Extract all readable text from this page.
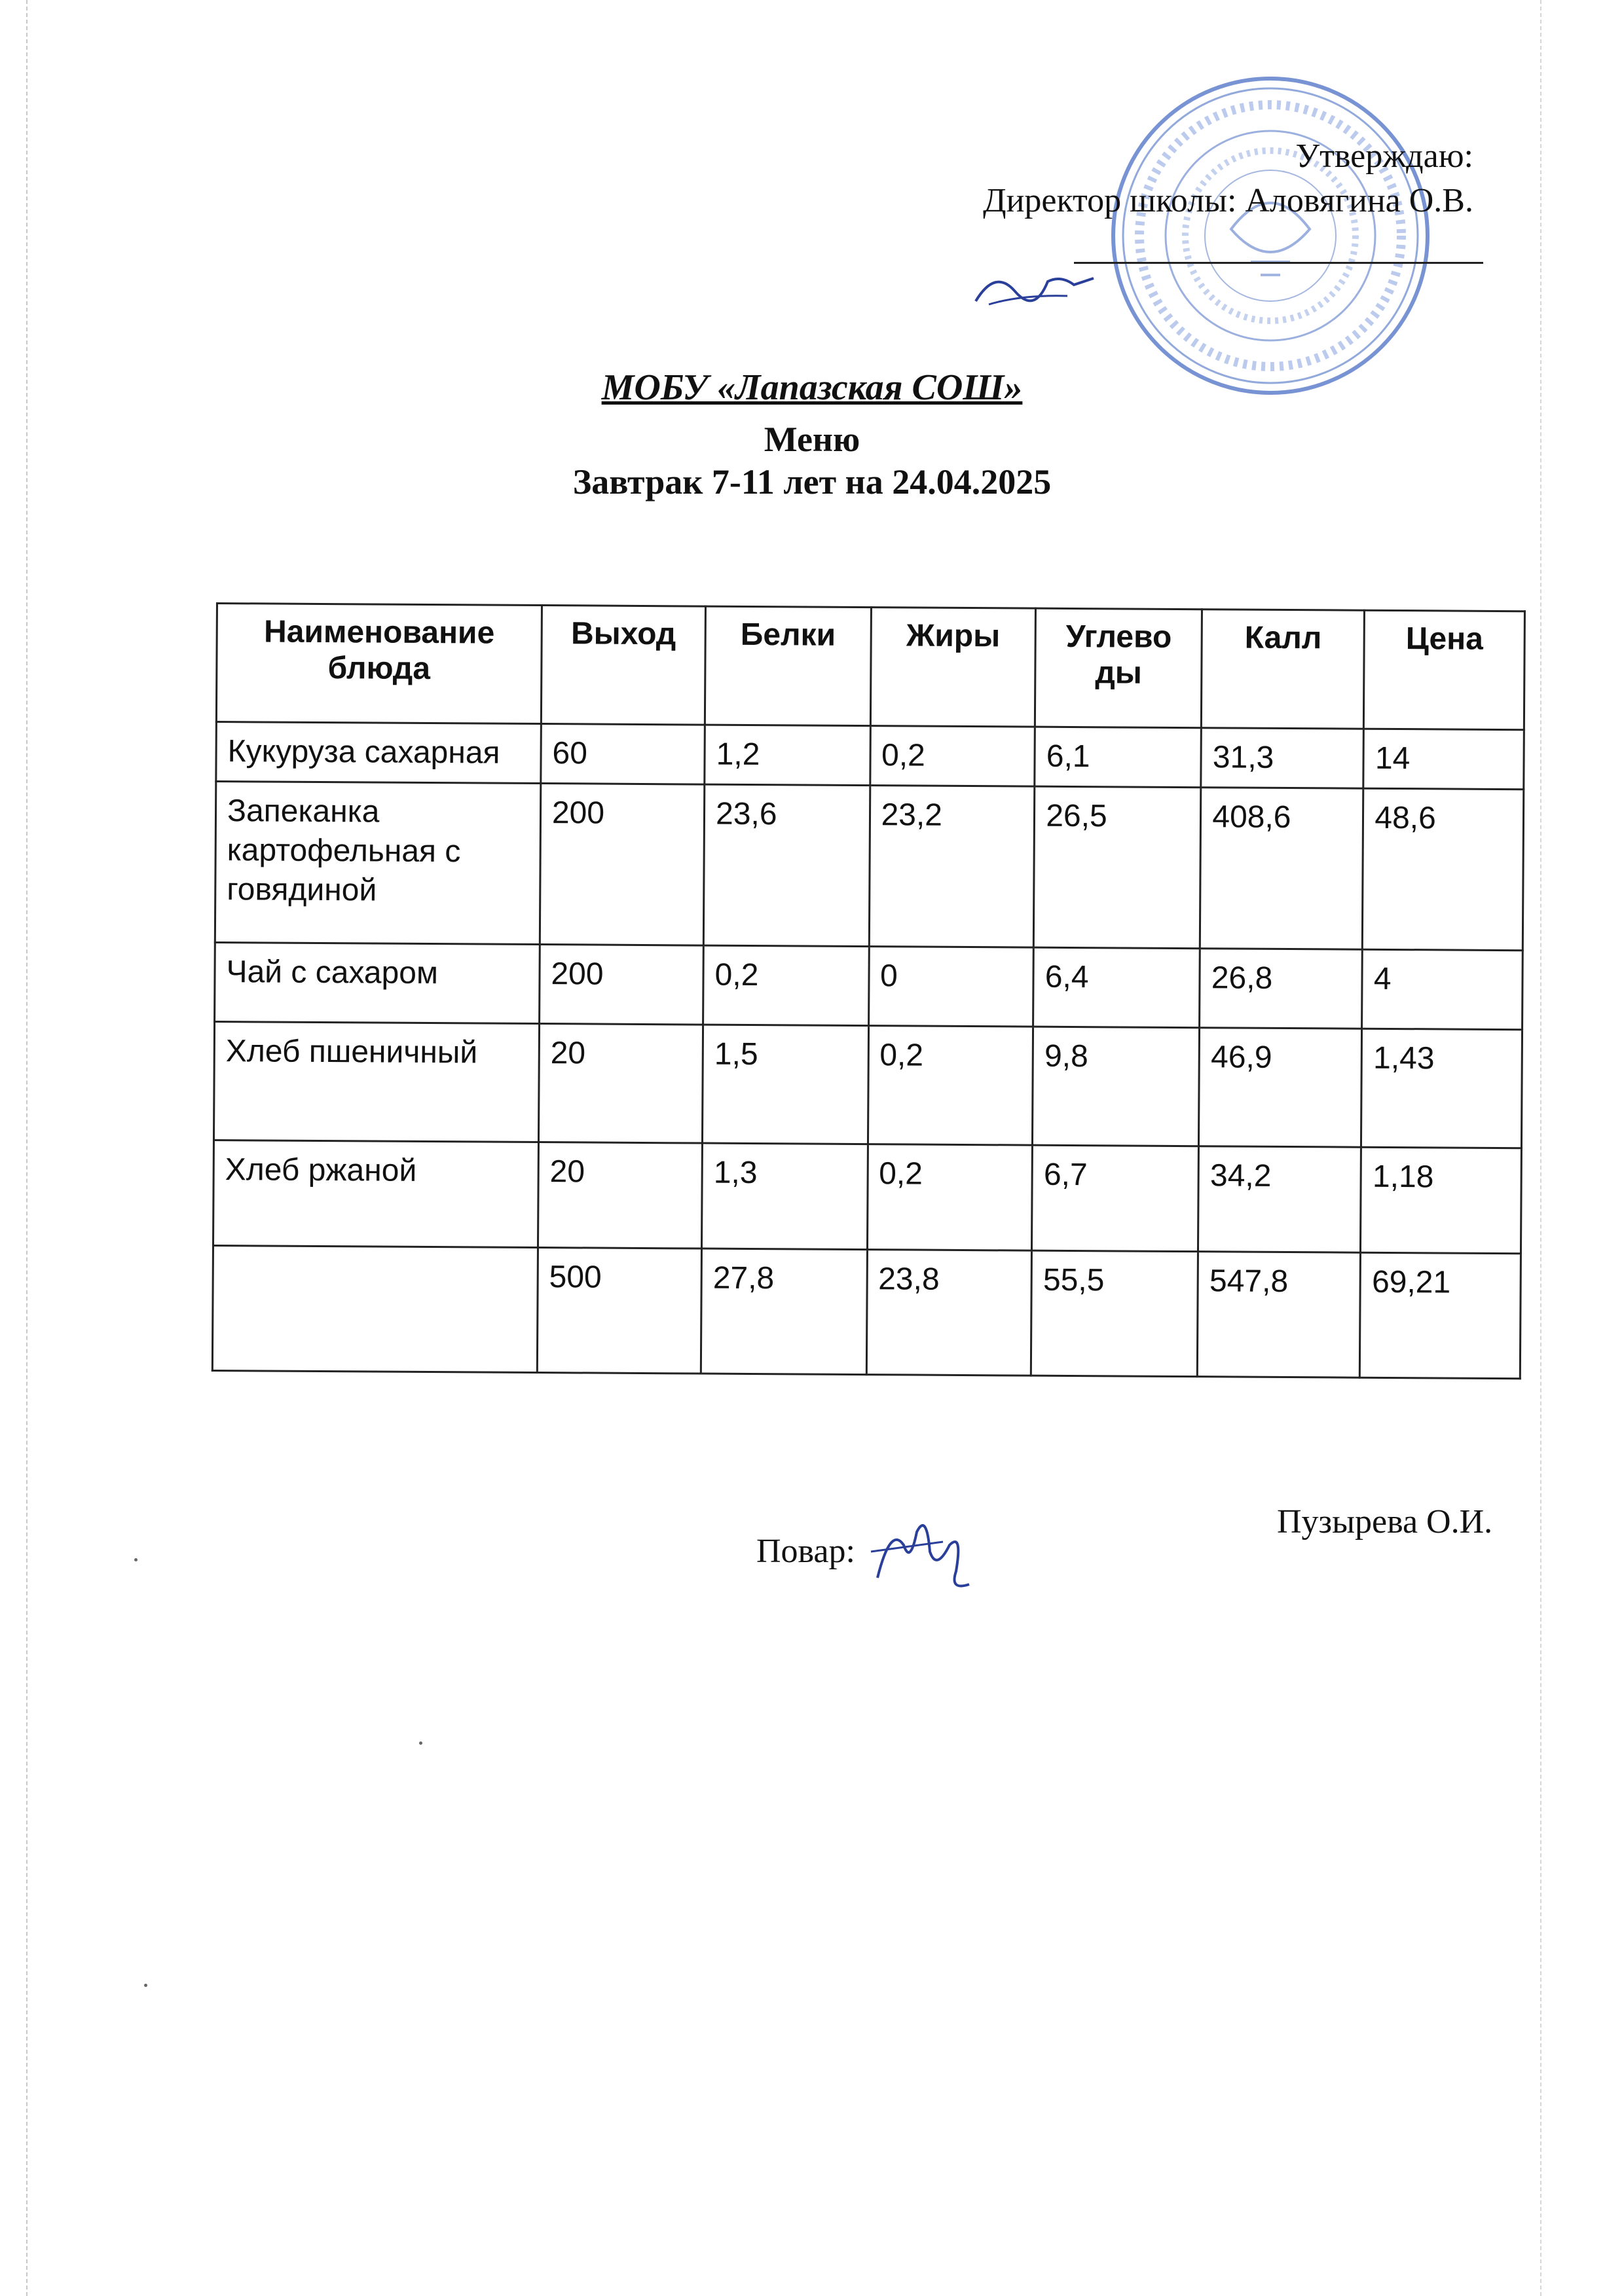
Утверждаю:
Директор школы: Аловягина О.В.
МОБУ «Лапазская СОШ»
Меню
Завтрак 7-11 лет на 24.04.2025
Наименование блюда	Выход	Белки	Жиры	Углево ды	Калл	Цена
Кукуруза сахарная	60	1,2	0,2	6,1	31,3	14
Запеканка картофельная с говядиной	200	23,6	23,2	26,5	408,6	48,6
Чай с сахаром	200	0,2	0	6,4	26,8	4
Хлеб пшеничный	20	1,5	0,2	9,8	46,9	1,43
Хлеб ржаной	20	1,3	0,2	6,7	34,2	1,18
	500	27,8	23,8	55,5	547,8	69,21
Повар:
Пузырева О.И.
